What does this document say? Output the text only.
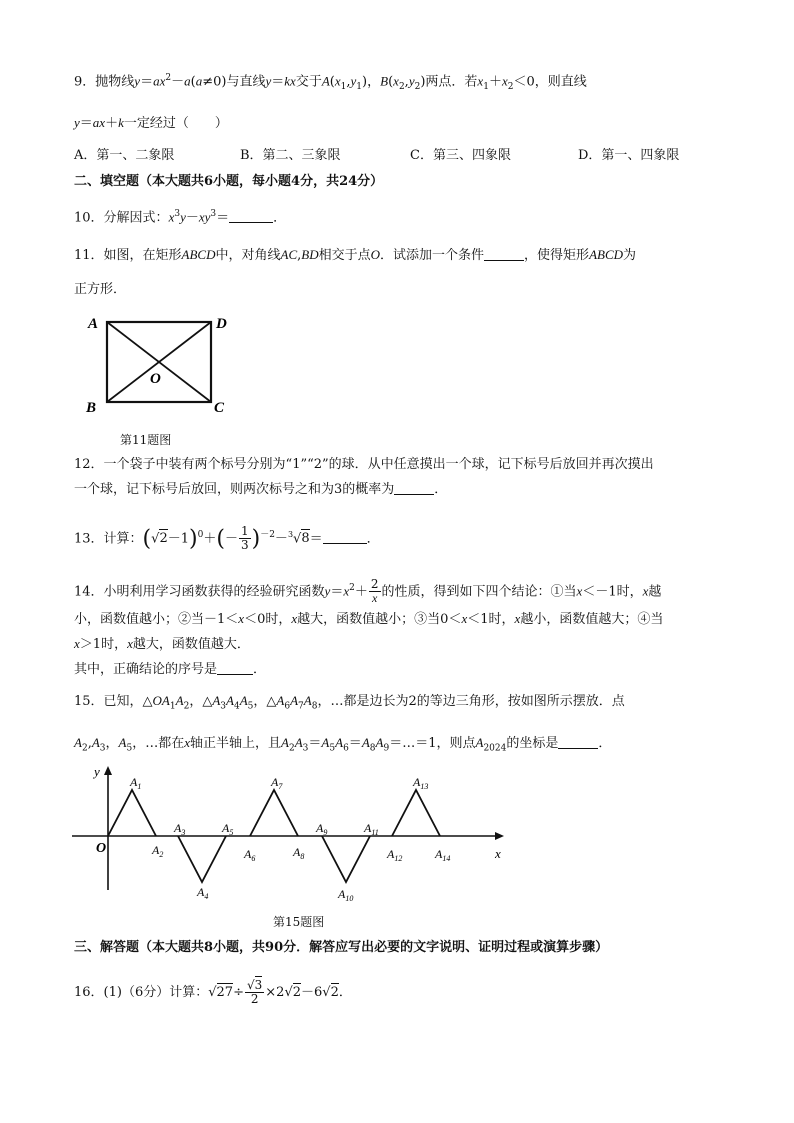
9．抛物线$y=ax^2-a(a\ne 0)$与直线y＝kx交于$A(x_1,y_1)$，$B(x_2,y_2)$两点．若$x_1+x_2<0$，则直线
y＝ax＋k一定经过（　　）
A．第一、二象限	B．第二、三象限	C．第三、四象限	D．第一、四象限
二、填空题（本大题共6小题，每小题4分，共24分）
10．分解因式：$x^3y-xy^3=$	．
11．如图，在矩形ABCD中，对角线AC,BD相交于点O．试添加一个条件	，使得矩形ABCD为
正方形．
A	D
O
B	C
第11题图
12．一个袋子中装有两个标号分别为“1”“2”的球．从中任意摸出一个球，记下标号后放回并再次摸出
一个球，记下标号后放回，则两次标号之和为3的概率为	．
13．计算：$(√2-1)^0+(- \frac{1}{3} )^{-2}-^3√8=$	．
14．小明利用学习函数获得的经验研究函数$y=x^2+ \frac{2}{x}$ 的性质，得到如下四个结论：①当x＜－1时，x越
小，函数值越小；②当－1＜x＜0时，x越大，函数值越小；③当0＜x＜1时，x越小，函数值越大；④当
x＞1时，x越大，函数值越大．
其中，正确结论的序号是	．
15．已知，$\triangle OA_1A_2$，$\triangle A_3A_4A_5$，$\triangle A_6A_7A_8$，…都是边长为2的等边三角形，按如图所示摆放．点
$A_2,A_3$，$A_5$，…都在x轴正半轴上，且$A_2A_3=A_5A_6=A_8A_9=\dots=1$，则点$A_{2024}$的坐标是	．
x
y
O
$A_1$
$A_2$
$A_3$
$A_4$
$A_5$
$A_6$
$A_7$
$A_8$
$A_9$
$A_{10}$
$A_{11}$
$A_{12}$
$A_{13}$
$A_{14}$
第15题图
三、解答题（本大题共8小题，共90分．解答应写出必要的文字说明、证明过程或演算步骤）
16．(1)（6分）计算：$√27\div \frac{√3}{2} \times 2√2-6√2$．
